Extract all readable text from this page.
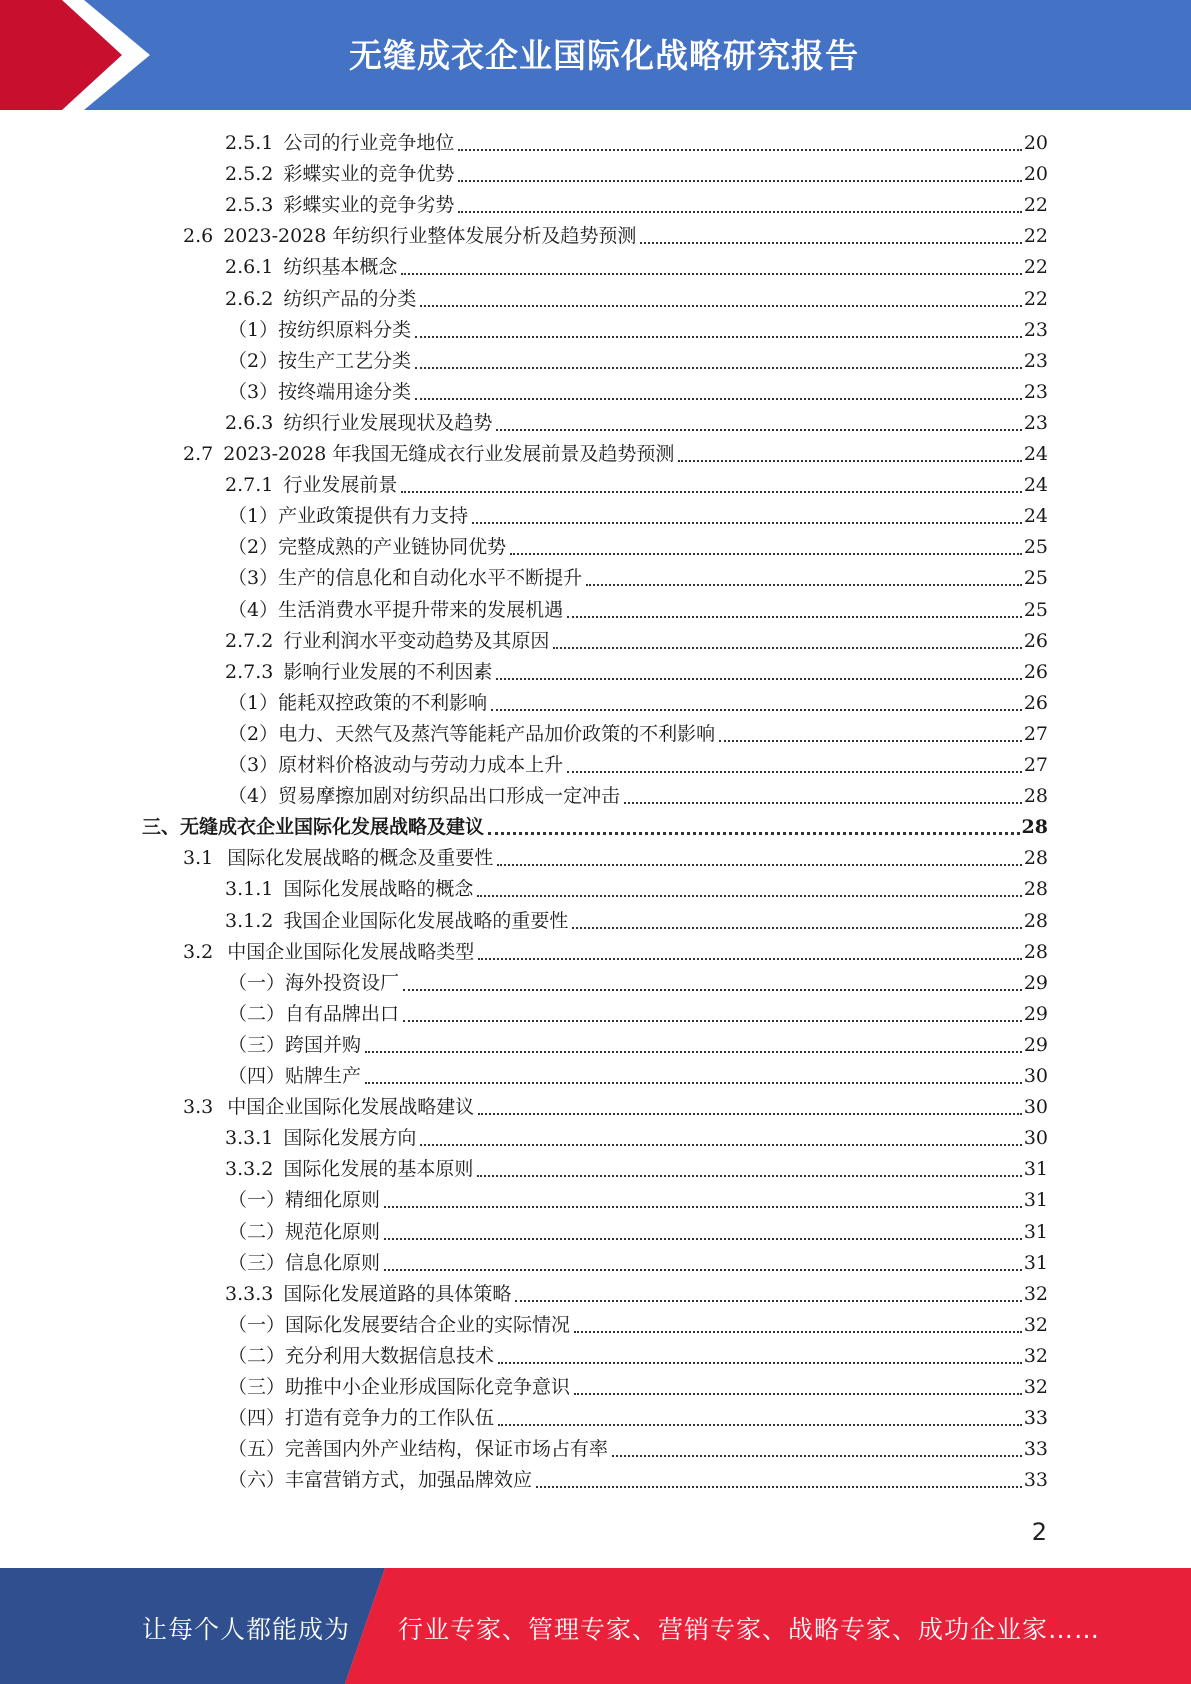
无缝成衣企业国际化战略研究报告
2.5.1 公司的行业竞争地位	20
2.5.2 彩蝶实业的竞争优势	20
2.5.3 彩蝶实业的竞争劣势	22
2.6 2023-2028 年纺织行业整体发展分析及趋势预测	22
2.6.1 纺织基本概念	22
2.6.2 纺织产品的分类	22
（1）按纺织原料分类	23
（2）按生产工艺分类	23
（3）按终端用途分类	23
2.6.3 纺织行业发展现状及趋势	23
2.7 2023-2028 年我国无缝成衣行业发展前景及趋势预测	24
2.7.1 行业发展前景	24
（1）产业政策提供有力支持	24
（2）完整成熟的产业链协同优势	25
（3）生产的信息化和自动化水平不断提升	25
（4）生活消费水平提升带来的发展机遇	25
2.7.2 行业利润水平变动趋势及其原因	26
2.7.3 影响行业发展的不利因素	26
（1）能耗双控政策的不利影响	26
（2）电力、天然气及蒸汽等能耗产品加价政策的不利影响	27
（3）原材料价格波动与劳动力成本上升	27
（4）贸易摩擦加剧对纺织品出口形成一定冲击	28
三、无缝成衣企业国际化发展战略及建议	28
3.1 国际化发展战略的概念及重要性	28
3.1.1 国际化发展战略的概念	28
3.1.2 我国企业国际化发展战略的重要性	28
3.2 中国企业国际化发展战略类型	28
（一）海外投资设厂	29
（二）自有品牌出口	29
（三）跨国并购	29
（四）贴牌生产	30
3.3 中国企业国际化发展战略建议	30
3.3.1 国际化发展方向	30
3.3.2 国际化发展的基本原则	31
（一）精细化原则	31
（二）规范化原则	31
（三）信息化原则	31
3.3.3 国际化发展道路的具体策略	32
（一）国际化发展要结合企业的实际情况	32
（二）充分利用大数据信息技术	32
（三）助推中小企业形成国际化竞争意识	32
（四）打造有竞争力的工作队伍	33
（五）完善国内外产业结构，保证市场占有率	33
（六）丰富营销方式，加强品牌效应	33
2
让每个人都能成为 行业专家、管理专家、营销专家、战略专家、成功企业家……
